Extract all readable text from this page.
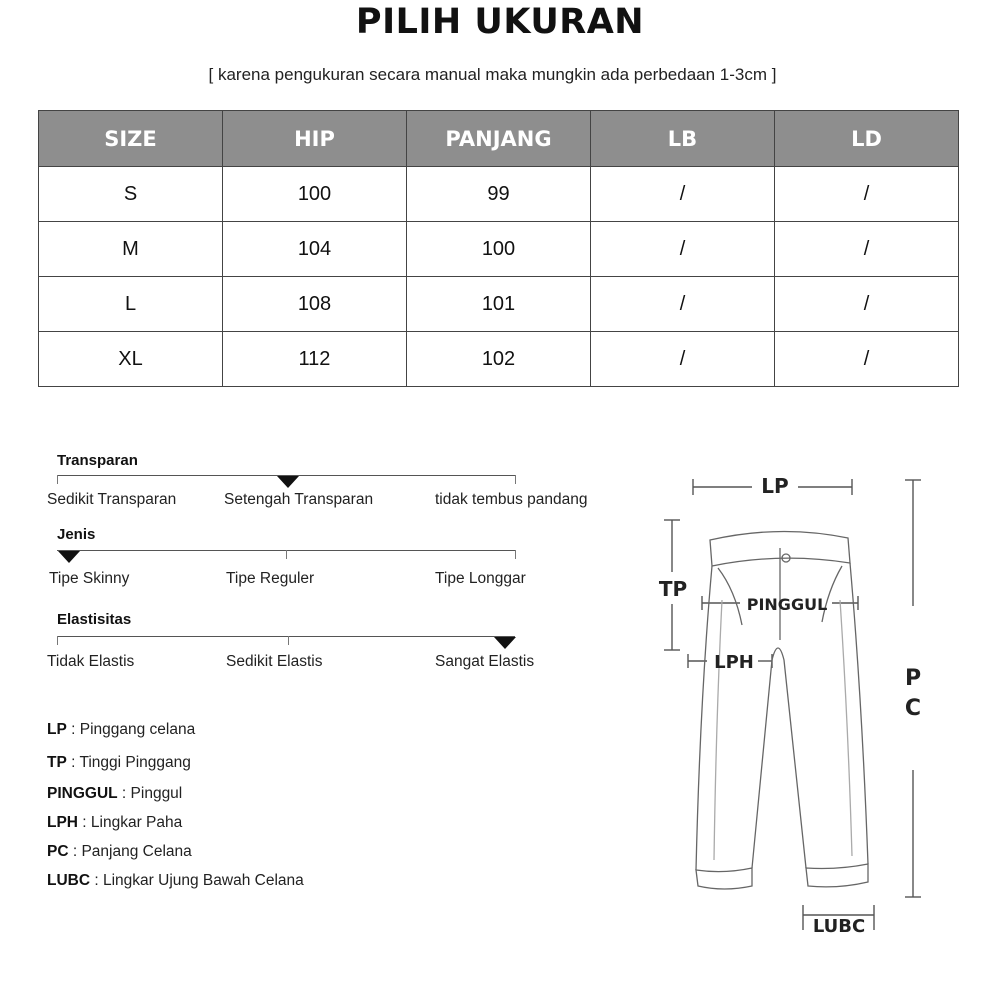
PILIH UKURAN
[ karena pengukuran secara manual maka mungkin ada perbedaan 1-3cm ]
SIZE	HIP	PANJANG	LB	LD
S	100	99	/	/
M	104	100	/	/
L	108	101	/	/
XL	112	102	/	/
Transparan
Sedikit Transparan	Setengah Transparan	tidak tembus pandang
Jenis
Tipe Skinny	Tipe Reguler	Tipe Longgar
Elastisitas
Tidak Elastis	Sedikit Elastis	Sangat Elastis
LP : Pinggang celana
TP : Tinggi Pinggang
PINGGUL : Pinggul
LPH : Lingkar Paha
PC : Panjang Celana
LUBC : Lingkar Ujung Bawah Celana
LP
TP
PINGGUL
LPH
P
C
LUBC
